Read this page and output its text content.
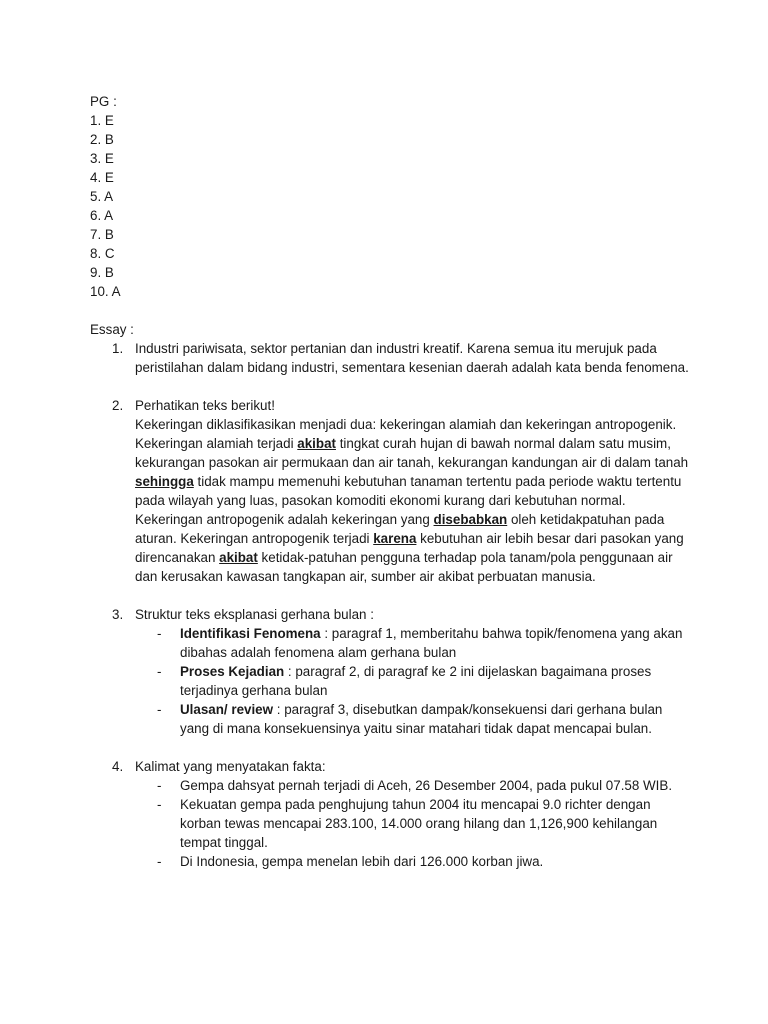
PG :
1. E
2. B
3. E
4. E
5. A
6. A
7. B
8. C
9. B
10. A
Essay :
1. Industri pariwisata, sektor pertanian dan industri kreatif. Karena semua itu merujuk pada peristilahan dalam bidang industri, sementara kesenian daerah adalah kata benda fenomena.
2. Perhatikan teks berikut!
Kekeringan diklasifikasikan menjadi dua: kekeringan alamiah dan kekeringan antropogenik. Kekeringan alamiah terjadi akibat tingkat curah hujan di bawah normal dalam satu musim, kekurangan pasokan air permukaan dan air tanah, kekurangan kandungan air di dalam tanah sehingga tidak mampu memenuhi kebutuhan tanaman tertentu pada periode waktu tertentu pada wilayah yang luas, pasokan komoditi ekonomi kurang dari kebutuhan normal. Kekeringan antropogenik adalah kekeringan yang disebabkan oleh ketidakpatuhan pada aturan. Kekeringan antropogenik terjadi karena kebutuhan air lebih besar dari pasokan yang direncanakan akibat ketidak-patuhan pengguna terhadap pola tanam/pola penggunaan air dan kerusakan kawasan tangkapan air, sumber air akibat perbuatan manusia.
3. Struktur teks eksplanasi gerhana bulan :
- Identifikasi Fenomena : paragraf 1, memberitahu bahwa topik/fenomena yang akan dibahas adalah fenomena alam gerhana bulan
- Proses Kejadian : paragraf 2, di paragraf ke 2 ini dijelaskan bagaimana proses terjadinya gerhana bulan
- Ulasan/ review : paragraf 3, disebutkan dampak/konsekuensi dari gerhana bulan yang di mana konsekuensinya yaitu sinar matahari tidak dapat mencapai bulan.
4. Kalimat yang menyatakan fakta:
- Gempa dahsyat pernah terjadi di Aceh, 26 Desember 2004, pada pukul 07.58 WIB.
- Kekuatan gempa pada penghujung tahun 2004 itu mencapai 9.0 richter dengan korban tewas mencapai 283.100, 14.000 orang hilang dan 1,126,900 kehilangan tempat tinggal.
- Di Indonesia, gempa menelan lebih dari 126.000 korban jiwa.
